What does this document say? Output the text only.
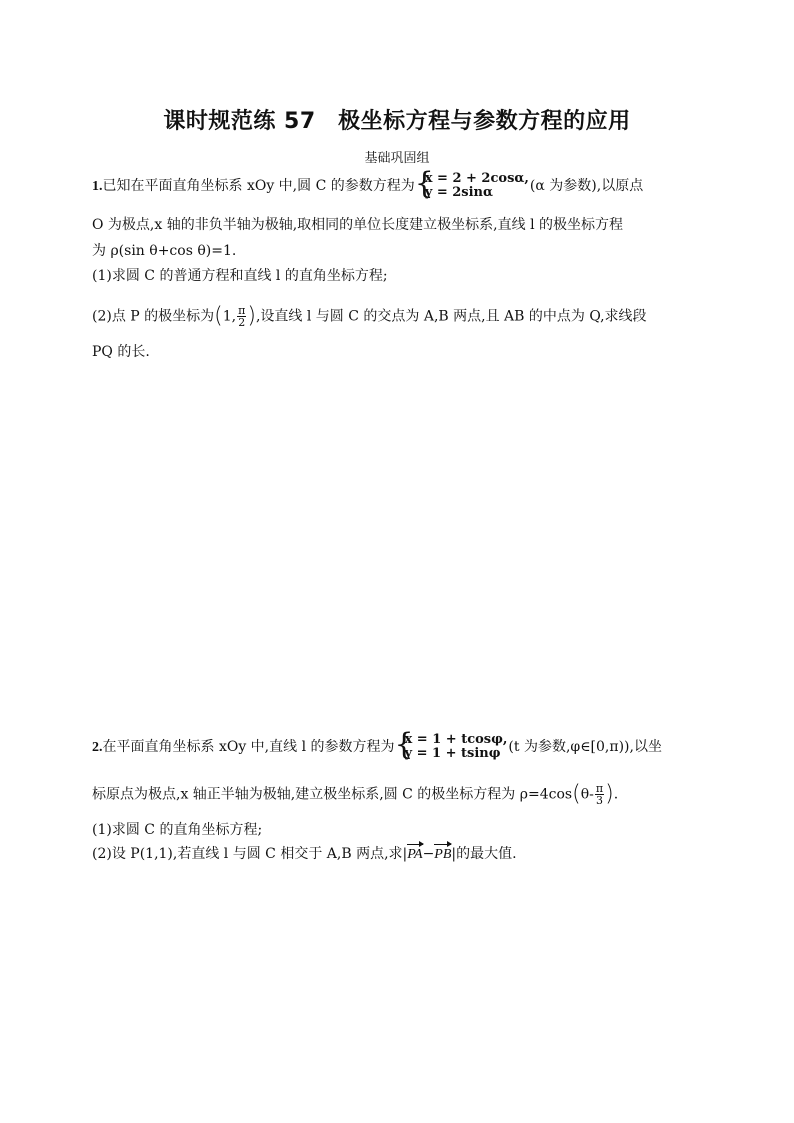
课时规范练 57　极坐标方程与参数方程的应用
基础巩固组
1.已知在平面直角坐标系 xOy 中,圆 C 的参数方程为 {
x = 2 + 2cosα,
y = 2sinα	(α 为参数),以原点
O 为极点,x 轴的非负半轴为极轴,取相同的单位长度建立极坐标系,直线 l 的极坐标方程
为 ρ(sin θ+cos θ)=1.
(1)求圆 C 的普通方程和直线 l 的直角坐标方程;
(2)点 P 的极坐标为(1, $\frac{\pi}{2}$ ),设直线 l 与圆 C 的交点为 A,B 两点,且 AB 的中点为 Q,求线段
PQ 的长.
2.在平面直角坐标系 xOy 中,直线 l 的参数方程为 {
x = 1 + tcosφ,
y = 1 + tsinφ (t 为参数,φ∈[0,π)),以坐
标原点为极点,x 轴正半轴为极轴,建立极坐标系,圆 C 的极坐标方程为 $\rho=4\cos(\theta- \frac{\pi}{3}$ ).
(1)求圆 C 的直角坐标方程;
(2)设 P(1,1),若直线 l 与圆 C 相交于 A,B 两点,求|PA−PB|的最大值.
